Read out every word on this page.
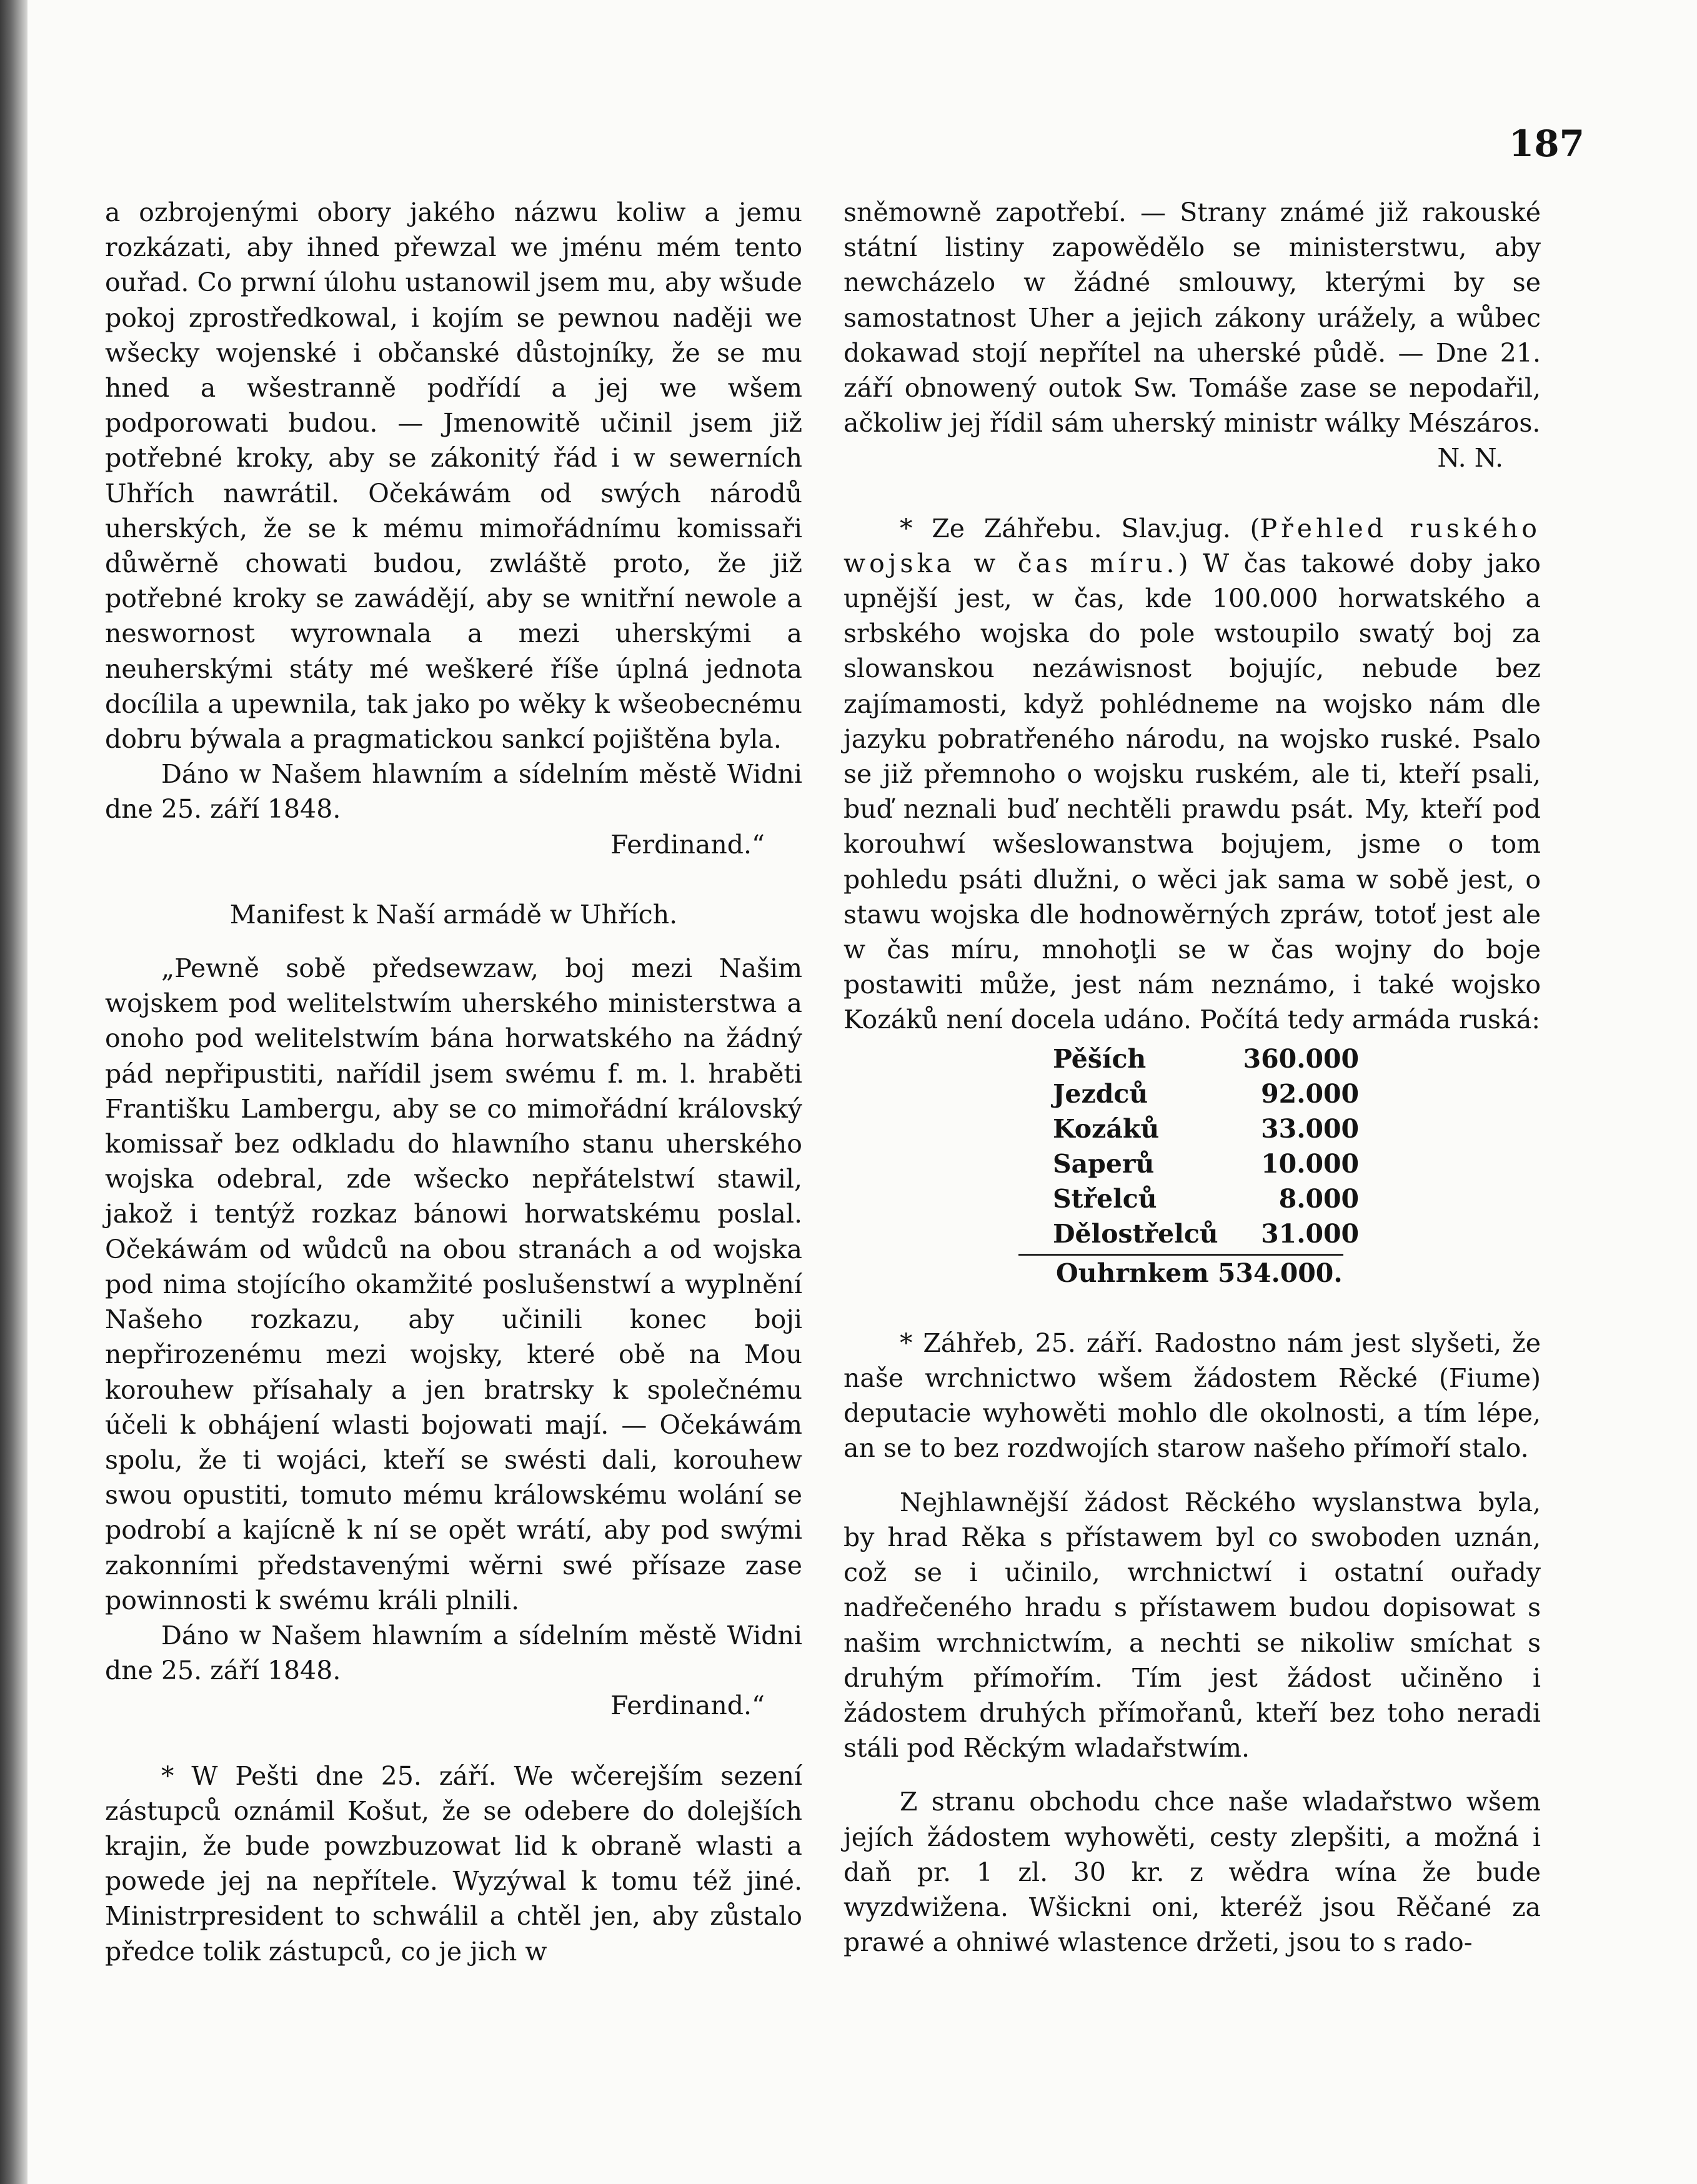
187

a ozbrojenými obory jakého názwu koliw a jemu rozkázati, aby ihned přewzal we jménu mém tento ouřad. Co prwní úlohu ustanowil jsem mu, aby wšude pokoj zprostředkowal, i kojím se pewnou naději we wšecky wojenské i občanské důstojníky, že se mu hned a wšestranně podřídí a jej we wšem podporowati budou. — Jmenowitě učinil jsem již potřebné kroky, aby se zákonitý řád i w sewerních Uhřích nawrátil. Očekáwám od swých národů uherských, že se k mému mimořádnímu komissaři důwěrně chowati budou, zwláště proto, že již potřebné kroky se zawádějí, aby se wnitřní newole a neswornost wyrownala a mezi uherskými a neuherskými státy mé weškeré říše úplná jednota docílila a upewnila, tak jako po wěky k wšeobecnému dobru býwala a pragmatickou sankcí pojištěna byla.

Dáno w Našem hlawním a sídelním městě Widni dne 25. září 1848.

Ferdinand.“

Manifest k Naší armádě w Uhřích.

„Pewně sobě předsewzaw, boj mezi Našim wojskem pod welitelstwím uherského ministerstwa a onoho pod welitelstwím bána horwatského na žádný pád nepřipustiti, nařídil jsem swému f. m. l. hraběti Františku Lambergu, aby se co mimořádní královský komissař bez odkladu do hlawního stanu uherského wojska odebral, zde wšecko nepřátelstwí stawil, jakož i tentýž rozkaz bánowi horwatskému poslal. Očekáwám od wůdců na obou stranách a od wojska pod nima stojícího okamžité poslušenstwí a wyplnění Našeho rozkazu, aby učinili konec boji nepřirozenému mezi wojsky, které obě na Mou korouhew přísahaly a jen bratrsky k společnému účeli k obhájení wlasti bojowati mají. — Očekáwám spolu, že ti wojáci, kteří se swésti dali, korouhew swou opustiti, tomuto mému králowskému wolání se podrobí a kajícně k ní se opět wrátí, aby pod swými zakonními představenými wěrni swé přísaze zase powinnosti k swému králi plnili.

Dáno w Našem hlawním a sídelním městě Widni dne 25. září 1848.

Ferdinand.“

* W Pešti dne 25. září. We wčerejším sezení zástupců oznámil Košut, že se odebere do dolejších krajin, že bude powzbuzowat lid k obraně wlasti a powede jej na nepřítele. Wyzýwal k tomu též jiné. Ministrpresident to schwálil a chtěl jen, aby zůstalo předce tolik zástupců, co je jich w

sněmowně zapotřebí. — Strany známé již rakouské státní listiny zapowědělo se ministerstwu, aby newcházelo w žádné smlouwy, kterými by se samostatnost Uher a jejich zákony urážely, a wůbec dokawad stojí nepřítel na uherské půdě. — Dne 21. září obnowený outok Sw. Tomáše zase se nepodařil, ačkoliw jej řídil sám uherský ministr wálky Mészáros.

N. N.

* Ze Záhřebu. Slav.jug. (Přehled ruského wojska w čas míru.) W čas takowé doby jako upnější jest, w čas, kde 100.000 horwatského a srbského wojska do pole wstoupilo swatý boj za slowanskou nezáwisnost bojujíc, nebude bez zajímamosti, když pohlédneme na wojsko nám dle jazyku pobratřeného národu, na wojsko ruské. Psalo se již přemnoho o wojsku ruském, ale ti, kteří psali, buď neznali buď nechtěli prawdu psát. My, kteří pod korouhwí wšeslowanstwa bojujem, jsme o tom pohledu psáti dlužni, o wěci jak sama w sobě jest, o stawu wojska dle hodnowěrných zpráw, totoť jest ale w čas míru, mnohoţli se w čas wojny do boje postawiti může, jest nám neznámo, i také wojsko Kozáků není docela udáno. Počítá tedy armáda ruská:

Pěších	360.000
Jezdců	92.000
Kozáků	33.000
Saperů	10.000
Střelců	8.000
Dělostřelců	31.000

Ouhrnkem 534.000.

* Záhřeb, 25. září. Radostno nám jest slyšeti, že naše wrchnictwo wšem žádostem Rěcké (Fiume) deputacie wyhowěti mohlo dle okolnosti, a tím lépe, an se to bez rozdwojích starow našeho přímoří stalo.

Nejhlawnější žádost Rěckého wyslanstwa byla, by hrad Rěka s přístawem byl co swoboden uznán, což se i učinilo, wrchnictwí i ostatní ouřady nadřečeného hradu s přístawem budou dopisowat s našim wrchnictwím, a nechti se nikoliw smíchat s druhým přímořím. Tím jest žádost učiněno i žádostem druhých přímořanů, kteří bez toho neradi stáli pod Rěckým wladařstwím.

Z stranu obchodu chce naše wladařstwo wšem jejích žádostem wyhowěti, cesty zlepšiti, a možná i daň pr. 1 zl. 30 kr. z wědra wína že bude wyzdwižena. Wšickni oni, kteréž jsou Rěčané za prawé a ohniwé wlastence držeti, jsou to s rado-
